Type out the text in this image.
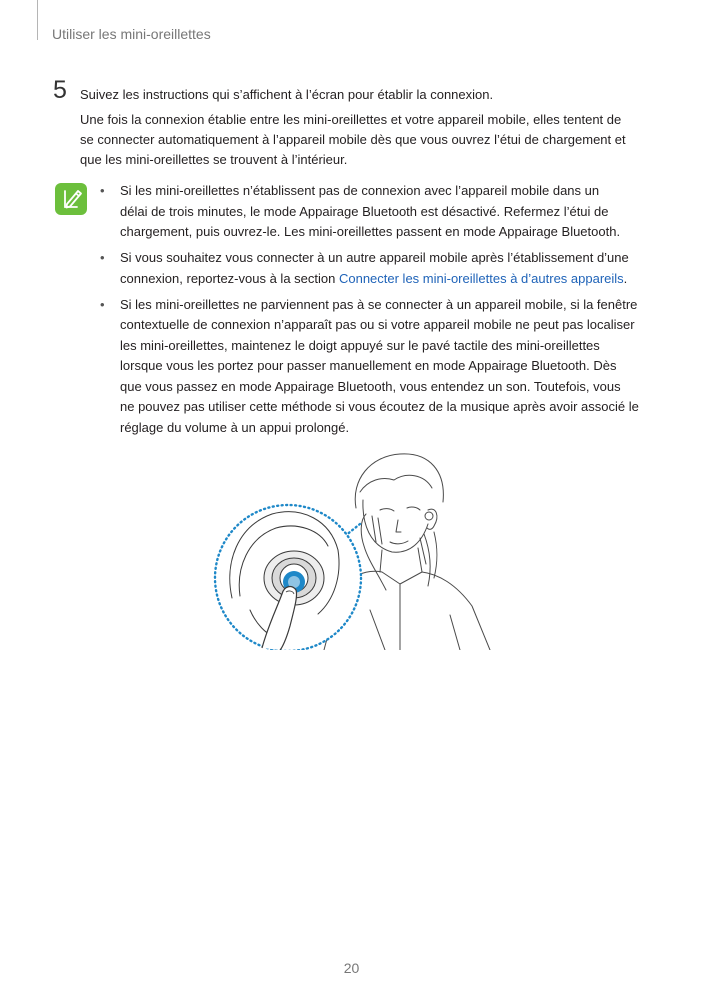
Utiliser les mini-oreillettes
5 Suivez les instructions qui s’affichent à l’écran pour établir la connexion.
Une fois la connexion établie entre les mini-oreillettes et votre appareil mobile, elles tentent de
se connecter automatiquement à l’appareil mobile dès que vous ouvrez l’étui de chargement et
que les mini-oreillettes se trouvent à l’intérieur.
• Si les mini-oreillettes n’établissent pas de connexion avec l’appareil mobile dans un
délai de trois minutes, le mode Appairage Bluetooth est désactivé. Refermez l’étui de
chargement, puis ouvrez-le. Les mini-oreillettes passent en mode Appairage Bluetooth.
• Si vous souhaitez vous connecter à un autre appareil mobile après l’établissement d’une
connexion, reportez-vous à la section Connecter les mini-oreillettes à d’autres appareils.
• Si les mini-oreillettes ne parviennent pas à se connecter à un appareil mobile, si la fenêtre
contextuelle de connexion n’apparaît pas ou si votre appareil mobile ne peut pas localiser
les mini-oreillettes, maintenez le doigt appuyé sur le pavé tactile des mini-oreillettes
lorsque vous les portez pour passer manuellement en mode Appairage Bluetooth. Dès
que vous passez en mode Appairage Bluetooth, vous entendez un son. Toutefois, vous
ne pouvez pas utiliser cette méthode si vous écoutez de la musique après avoir associé le
réglage du volume à un appui prolongé.
20
